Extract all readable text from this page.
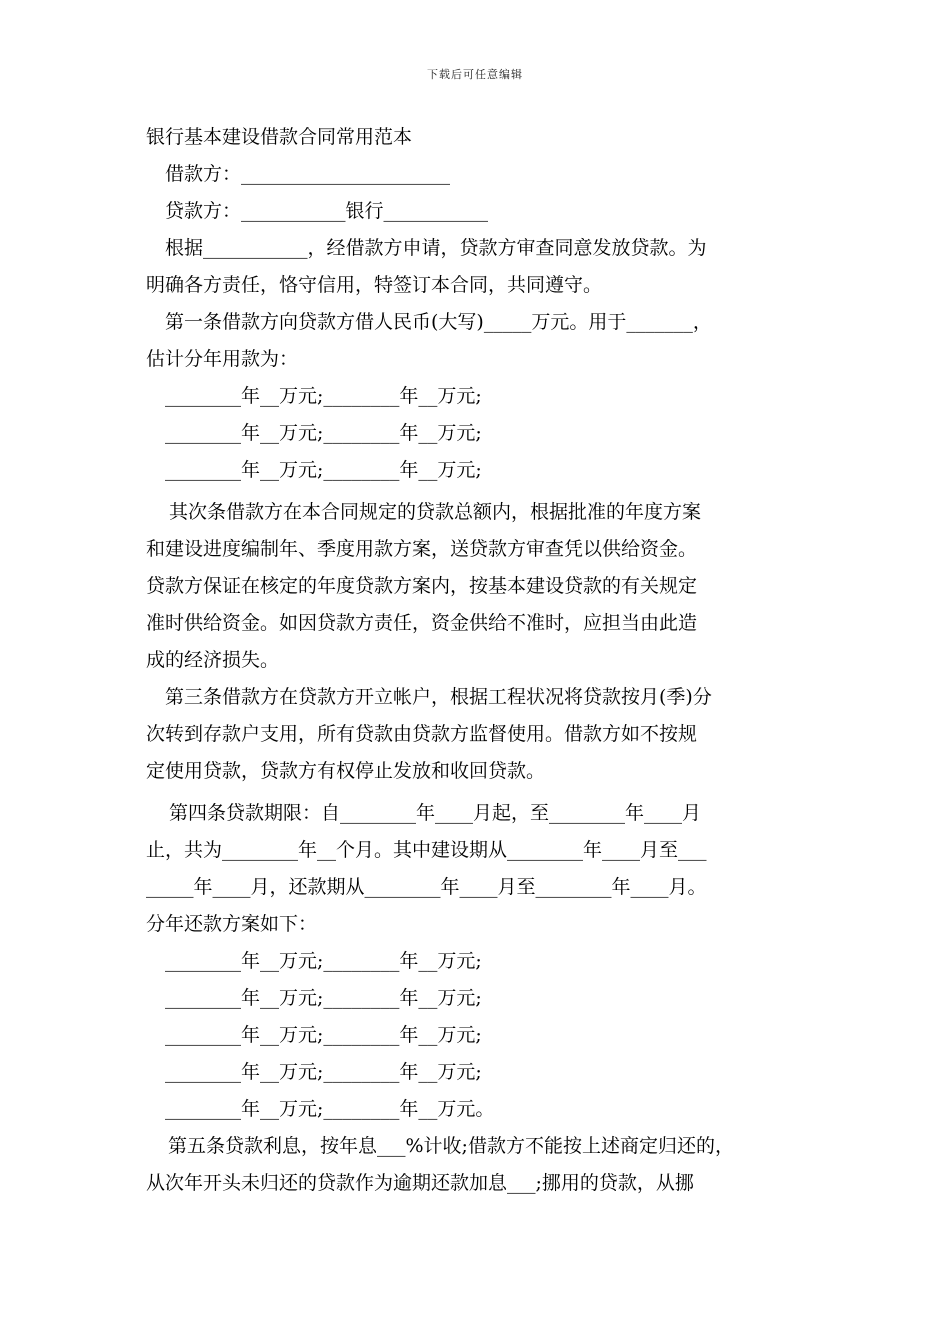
下载后可任意编辑
银行基本建设借款合同常用范本
借款方：______________________
贷款方：___________银行___________
根据___________，经借款方申请，贷款方审查同意发放贷款。为
明确各方责任，恪守信用，特签订本合同，共同遵守。
第一条借款方向贷款方借人民币(大写)_____万元。用于_______，
估计分年用款为：
________年__万元;________年__万元;
________年__万元;________年__万元;
________年__万元;________年__万元;
其次条借款方在本合同规定的贷款总额内，根据批准的年度方案
和建设进度编制年、季度用款方案，送贷款方审查凭以供给资金。
贷款方保证在核定的年度贷款方案内，按基本建设贷款的有关规定
准时供给资金。如因贷款方责任，资金供给不准时，应担当由此造
成的经济损失。
第三条借款方在贷款方开立帐户，根据工程状况将贷款按月(季)分
次转到存款户支用，所有贷款由贷款方监督使用。借款方如不按规
定使用贷款，贷款方有权停止发放和收回贷款。
第四条贷款期限：自________年____月起，至________年____月
止，共为________年__个月。其中建设期从________年____月至___
_____年____月，还款期从________年____月至________年____月。
分年还款方案如下：
________年__万元;________年__万元;
________年__万元;________年__万元;
________年__万元;________年__万元;
________年__万元;________年__万元;
________年__万元;________年__万元。
第五条贷款利息，按年息___%计收;借款方不能按上述商定归还的，
从次年开头未归还的贷款作为逾期还款加息___;挪用的贷款，从挪
